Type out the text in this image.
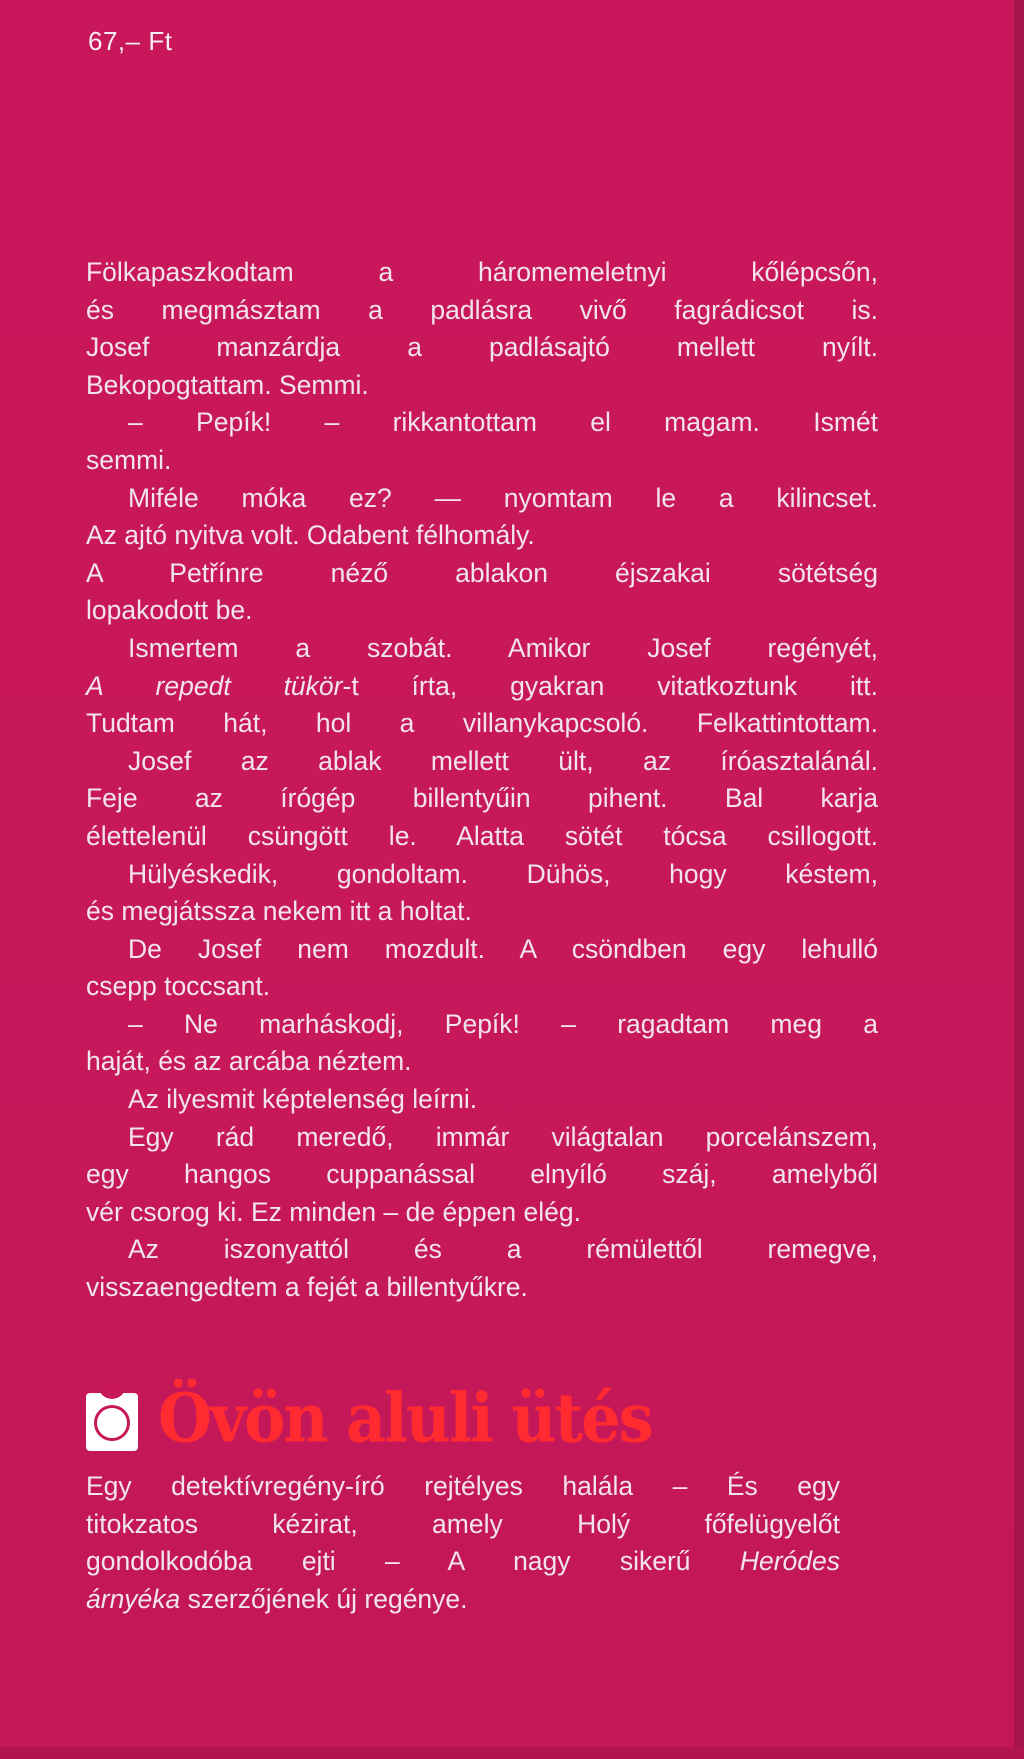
67,– Ft
Fölkapaszkodtam a háromemeletnyi kőlépcsőn,
és megmásztam a padlásra vivő fagrádicsot is.
Josef manzárdja a padlásajtó mellett nyílt.
Bekopogtattam. Semmi.
– Pepík! – rikkantottam el magam. Ismét
semmi.
Miféle móka ez? — nyomtam le a kilincset.
Az ajtó nyitva volt. Odabent félhomály.
A Petřínre néző ablakon éjszakai sötétség
lopakodott be.
Ismertem a szobát. Amikor Josef regényét,
A repedt tükör-t írta, gyakran vitatkoztunk itt.
Tudtam hát, hol a villanykapcsoló. Felkattintottam.
Josef az ablak mellett ült, az íróasztalánál.
Feje az írógép billentyűin pihent. Bal karja
élettelenül csüngött le. Alatta sötét tócsa csillogott.
Hülyéskedik, gondoltam. Dühös, hogy késtem,
és megjátssza nekem itt a holtat.
De Josef nem mozdult. A csöndben egy lehulló
csepp toccsant.
– Ne marháskodj, Pepík! – ragadtam meg a
haját, és az arcába néztem.
Az ilyesmit képtelenség leírni.
Egy rád meredő, immár világtalan porcelánszem,
egy hangos cuppanással elnyíló száj, amelyből
vér csorog ki. Ez minden – de éppen elég.
Az iszonyattól és a rémülettől remegve,
visszaengedtem a fejét a billentyűkre.
Övön aluli ütés
Egy detektívregény-író rejtélyes halála – És egy
titokzatos kézirat, amely Holý főfelügyelőt
gondolkodóba ejti – A nagy sikerű Heródes
árnyéka szerzőjének új regénye.
